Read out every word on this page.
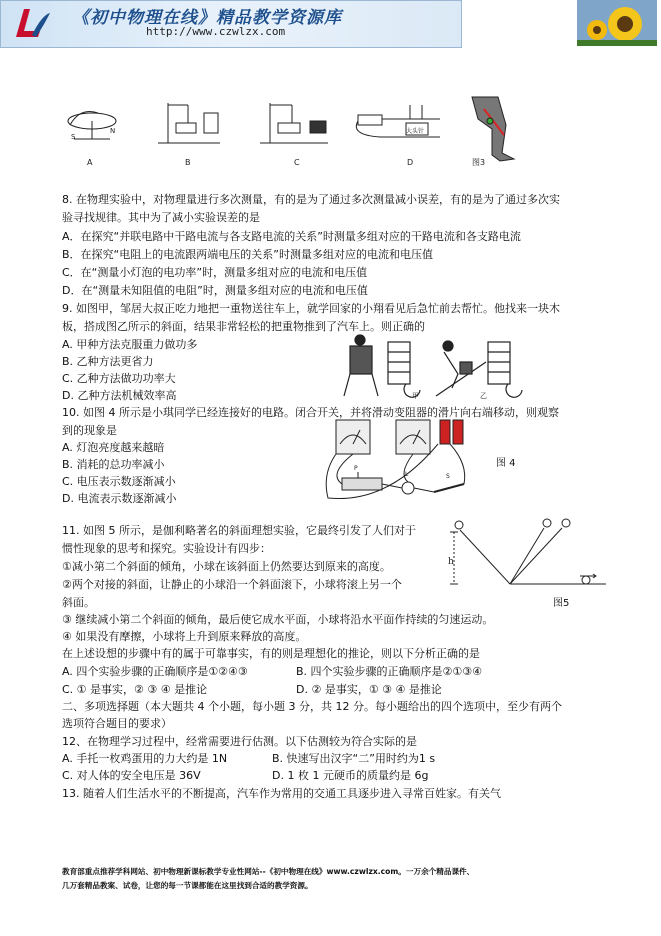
《初中物理在线》精品教学资源库
http://www.czwlzx.com
S
N	大头针
A	B	C	D	图3
8. 在物理实验中，对物理量进行多次测量，有的是为了通过多次测量减小误差，有的是为了通过多次实
验寻找规律。其中为了减小实验误差的是
A．在探究“并联电路中干路电流与各支路电流的关系”时测量多组对应的干路电流和各支路电流
B．在探究“电阻上的电流跟两端电压的关系”时测量多组对应的电流和电压值
C．在“测量小灯泡的电功率”时，测量多组对应的电流和电压值
D．在“测量未知阻值的电阻”时，测量多组对应的电流和电压值
9. 如图甲，邹居大叔正吃力地把一重物送往车上，就学回家的小翔看见后急忙前去帮忙。他找来一块木
板，搭成图乙所示的斜面，结果非常轻松的把重物推到了汽车上。则正确的
A. 甲种方法克服重力做功多
B. 乙种方法更省力
C. 乙种方法做功功率大
D. 乙种方法机械效率高	甲	乙
10. 如图 4 所示是小琪同学已经连接好的电路。闭合开关，并将滑动变阻器的滑片向右端移动，则观察
到的现象是
A. 灯泡亮度越来越暗
B. 消耗的总功率减小
C. 电压表示数逐渐减小
D. 电流表示数逐渐减小
L	S
P	图 4
11. 如图 5 所示，是伽利略著名的斜面理想实验，它最终引发了人们对于
惯性现象的思考和探究。实验设计有四步：
①减小第二个斜面的倾角，小球在该斜面上仍然要达到原来的高度。
②两个对接的斜面，让静止的小球沿一个斜面滚下，小球将滚上另一个
斜面。
③ 继续减小第二个斜面的倾角，最后使它成水平面，小球将沿水平面作持续的匀速运动。
④ 如果没有摩擦，小球将上升到原来释放的高度。
在上述设想的步骤中有的属于可靠事实，有的则是理想化的推论，则以下分析正确的是
A. 四个实验步骤的正确顺序是①②④③	B. 四个实验步骤的正确顺序是②①③④
C. ① 是事实，② ③ ④ 是推论	D. ② 是事实，① ③ ④ 是推论
h
图5
二、多项选择题（本大题共 4 个小题，每小题 3 分，共 12 分。每小题给出的四个选项中，至少有两个
选项符合题目的要求）
12、在物理学习过程中，经常需要进行估测。以下估测较为符合实际的是
A. 手托一枚鸡蛋用的力大约是 1N	B. 快速写出汉字“二”用时约为1 s
C. 对人体的安全电压是 36V	D. 1 枚 1 元硬币的质量约是 6g
13. 随着人们生活水平的不断提高，汽车作为常用的交通工具逐步进入寻常百姓家。有关气
教育部重点推荐学科网站、初中物理新课标教学专业性网站--《初中物理在线》www.czwlzx.com。一万余个精品课件、
几万套精品教案、试卷，让您的每一节课都能在这里找到合适的教学资源。
